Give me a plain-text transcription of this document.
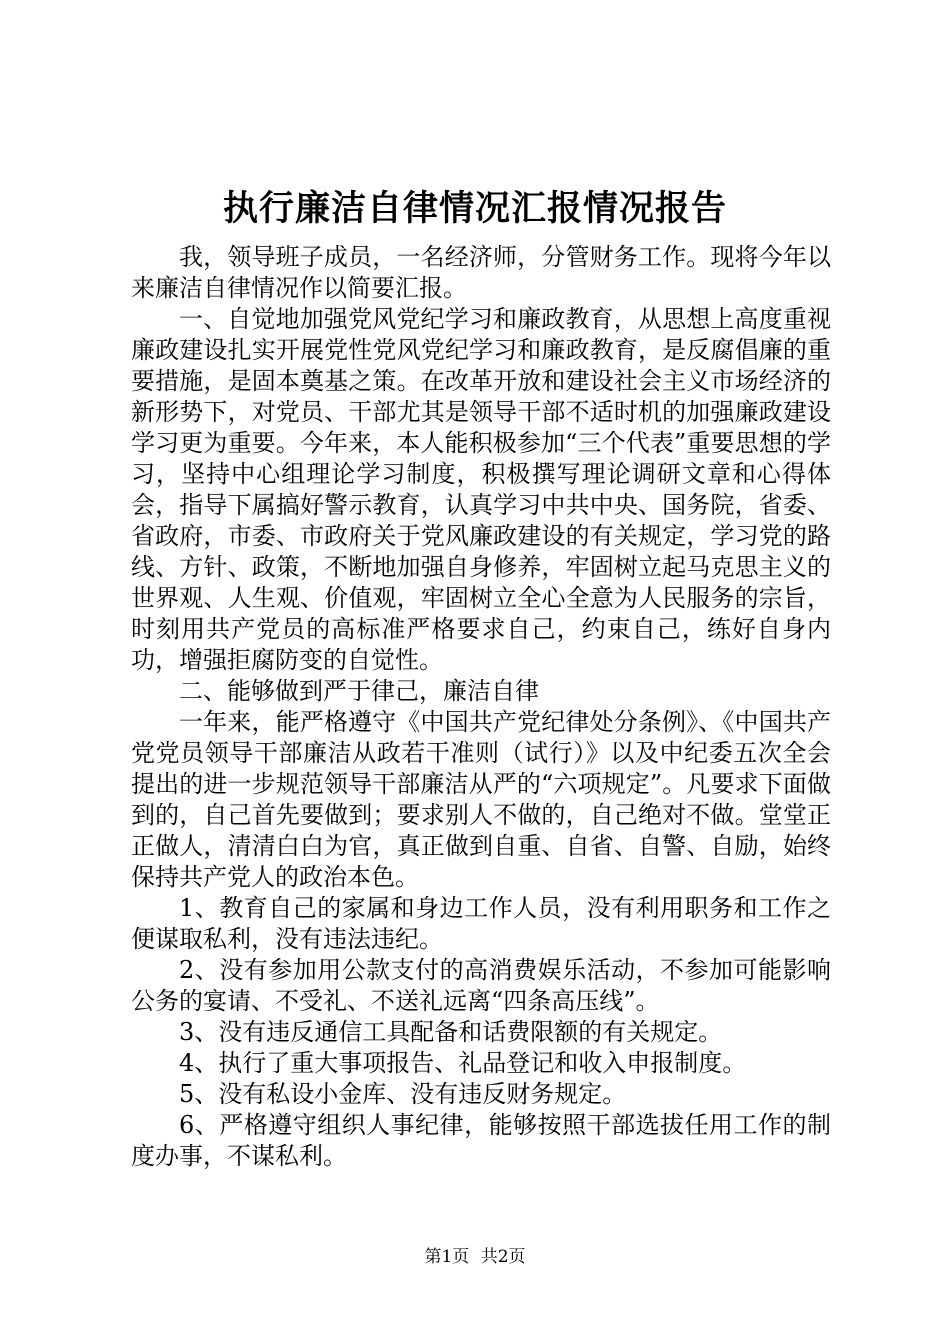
执行廉洁自律情况汇报情况报告

我，领导班子成员，一名经济师，分管财务工作。现将今年以来廉洁自律情况作以简要汇报。

一、自觉地加强党风党纪学习和廉政教育，从思想上高度重视廉政建设扎实开展党性党风党纪学习和廉政教育，是反腐倡廉的重要措施，是固本奠基之策。在改革开放和建设社会主义市场经济的新形势下，对党员、干部尤其是领导干部不适时机的加强廉政建设学习更为重要。今年来，本人能积极参加“三个代表”重要思想的学习，坚持中心组理论学习制度，积极撰写理论调研文章和心得体会，指导下属搞好警示教育，认真学习中共中央、国务院，省委、省政府，市委、市政府关于党风廉政建设的有关规定，学习党的路线、方针、政策，不断地加强自身修养，牢固树立起马克思主义的世界观、人生观、价值观，牢固树立全心全意为人民服务的宗旨，时刻用共产党员的高标准严格要求自己，约束自己，练好自身内功，增强拒腐防变的自觉性。

二、能够做到严于律己，廉洁自律

一年来，能严格遵守《中国共产党纪律处分条例》、《中国共产党党员领导干部廉洁从政若干准则（试行）》以及中纪委五次全会提出的进一步规范领导干部廉洁从严的“六项规定”。凡要求下面做到的，自己首先要做到；要求别人不做的，自己绝对不做。堂堂正正做人，清清白白为官，真正做到自重、自省、自警、自励，始终保持共产党人的政治本色。

1、教育自己的家属和身边工作人员，没有利用职务和工作之便谋取私利，没有违法违纪。

2、没有参加用公款支付的高消费娱乐活动，不参加可能影响公务的宴请、不受礼、不送礼远离“四条高压线”。

3、没有违反通信工具配备和话费限额的有关规定。

4、执行了重大事项报告、礼品登记和收入申报制度。

5、没有私设小金库、没有违反财务规定。

6、严格遵守组织人事纪律，能够按照干部选拔任用工作的制度办事，不谋私利。

第1页 共2页
